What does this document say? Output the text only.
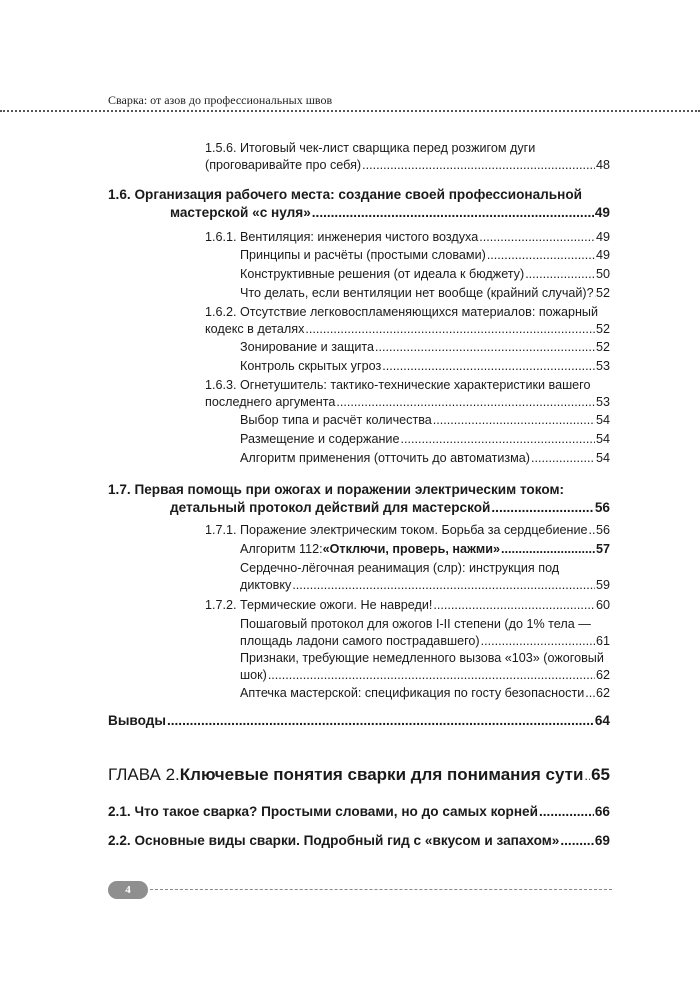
Сварка: от азов до профессиональных швов
1.5.6. Итоговый чек-лист сварщика перед розжигом дуги
(проговаривайте про себя) .....	48
1.6. Организация рабочего места: создание своей профессиональной
мастерской «с нуля» .....	49
1.6.1. Вентиляция: инженерия чистого воздуха .....	49
Принципы и расчёты (простыми словами) .....	49
Конструктивные решения (от идеала к бюджету) .....	50
Что делать, если вентиляции нет вообще (крайний случай)? ..... 52
1.6.2. Отсутствие легковоспламеняющихся материалов: пожарный
кодекс в деталях .....	52
Зонирование и защита .....	52
Контроль скрытых угроз .....	53
1.6.3. Огнетушитель: тактико-технические характеристики вашего
последнего аргумента .....	53
Выбор типа и расчёт количества .....	54
Размещение и содержание .....	54
Алгоритм применения (отточить до автоматизма) .....	54
1.7. Первая помощь при ожогах и поражении электрическим током:
детальный протокол действий для мастерской .....	56
1.7.1. Поражение электрическим током. Борьба за сердцебиение ..... 56
Алгоритм 112: «Отключи, проверь, нажми» .....	57
Сердечно-лёгочная реанимация (слр): инструкция под
диктовку .....	59
1.7.2. Термические ожоги. Не навреди! .....	60
Пошаговый протокол для ожогов I-II степени (до 1% тела —
площадь ладони самого пострадавшего) .....	61
Признаки, требующие немедленного вызова «103» (ожоговый
шок) .....	62
Аптечка мастерской: спецификация по госту безопасности ..... 62
Выводы .....	64
ГЛАВА 2. Ключевые понятия сварки для понимания сути ..... 65
2.1. Что такое сварка? Простыми словами, но до самых корней .....	66
2.2. Основные виды сварки. Подробный гид с «вкусом и запахом» .....	69
4
